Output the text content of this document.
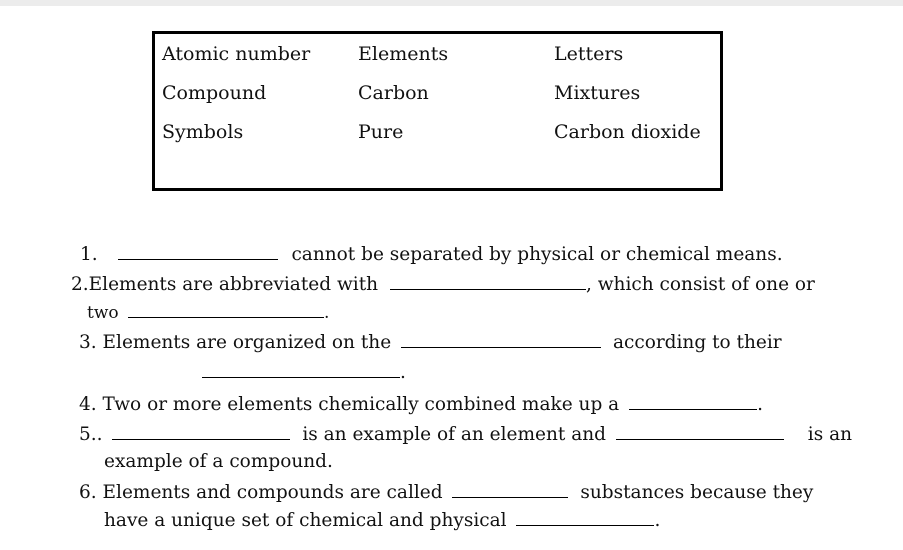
Atomic number	Elements	Letters
Compound	Carbon	Mixtures
Symbols	Pure	Carbon dioxide
1.	cannot be separated by physical or chemical means.
2.Elements are abbreviated with	, which consist of one or
two	.
3. Elements are organized on the	according to their
.
4. Two or more elements chemically combined make up a	.
5..	is an example of an element and	is an
example of a compound.
6. Elements and compounds are called	substances because they
have a unique set of chemical and physical	.
